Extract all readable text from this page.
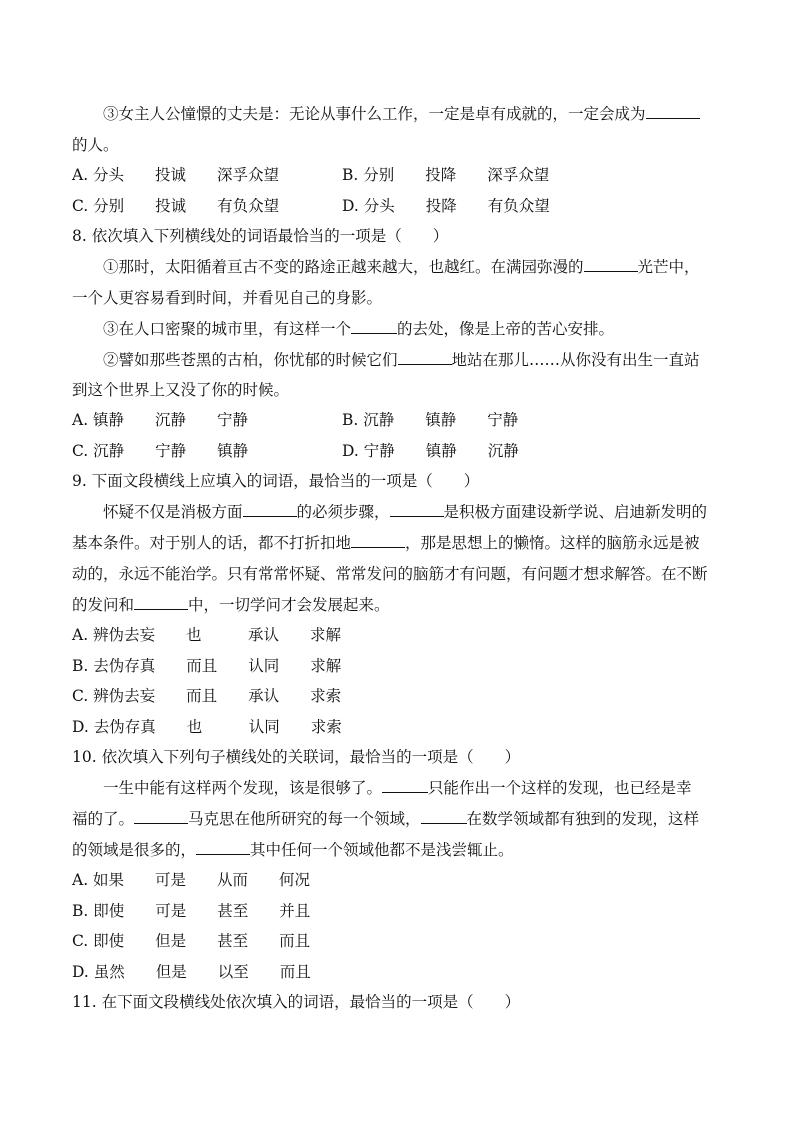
③女主人公憧憬的丈夫是：无论从事什么工作，一定是卓有成就的，一定会成为
的人。
A. 分头　　投诚　　深孚众望	B. 分别　　投降　　深孚众望
C. 分别　　投诚　　有负众望	D. 分头　　投降　　有负众望
8. 依次填入下列横线处的词语最恰当的一项是（　　）
①那时，太阳循着亘古不变的路途正越来越大，也越红。在满园弥漫的	光芒中，
一个人更容易看到时间，并看见自己的身影。
③在人口密聚的城市里，有这样一个	的去处，像是上帝的苦心安排。
②譬如那些苍黑的古柏，你忧郁的时候它们	地站在那儿……从你没有出生一直站
到这个世界上又没了你的时候。
A. 镇静　　沉静　　宁静	B. 沉静　　镇静　　宁静
C. 沉静　　宁静　　镇静	D. 宁静　　镇静　　沉静
9. 下面文段横线上应填入的词语，最恰当的一项是（　　）
怀疑不仅是消极方面	的必须步骤，	是积极方面建设新学说、启迪新发明的
基本条件。对于别人的话，都不打折扣地	，那是思想上的懒惰。这样的脑筋永远是被
动的，永远不能治学。只有常常怀疑、常常发问的脑筋才有问题，有问题才想求解答。在不断
的发问和	中，一切学问才会发展起来。
A. 辨伪去妄　　也　　　承认　　求解
B. 去伪存真　　而且　　认同　　求解
C. 辨伪去妄　　而且　　承认　　求索
D. 去伪存真　　也　　　认同　　求索
10. 依次填入下列句子横线处的关联词，最恰当的一项是（　　）
一生中能有这样两个发现，该是很够了。	只能作出一个这样的发现，也已经是幸
福的了。	马克思在他所研究的每一个领域，	在数学领域都有独到的发现，这样
的领域是很多的，	其中任何一个领域他都不是浅尝辄止。
A. 如果　　可是　　从而　　何况
B. 即使　　可是　　甚至　　并且
C. 即使　　但是　　甚至　　而且
D. 虽然　　但是　　以至　　而且
11. 在下面文段横线处依次填入的词语，最恰当的一项是（　　）
